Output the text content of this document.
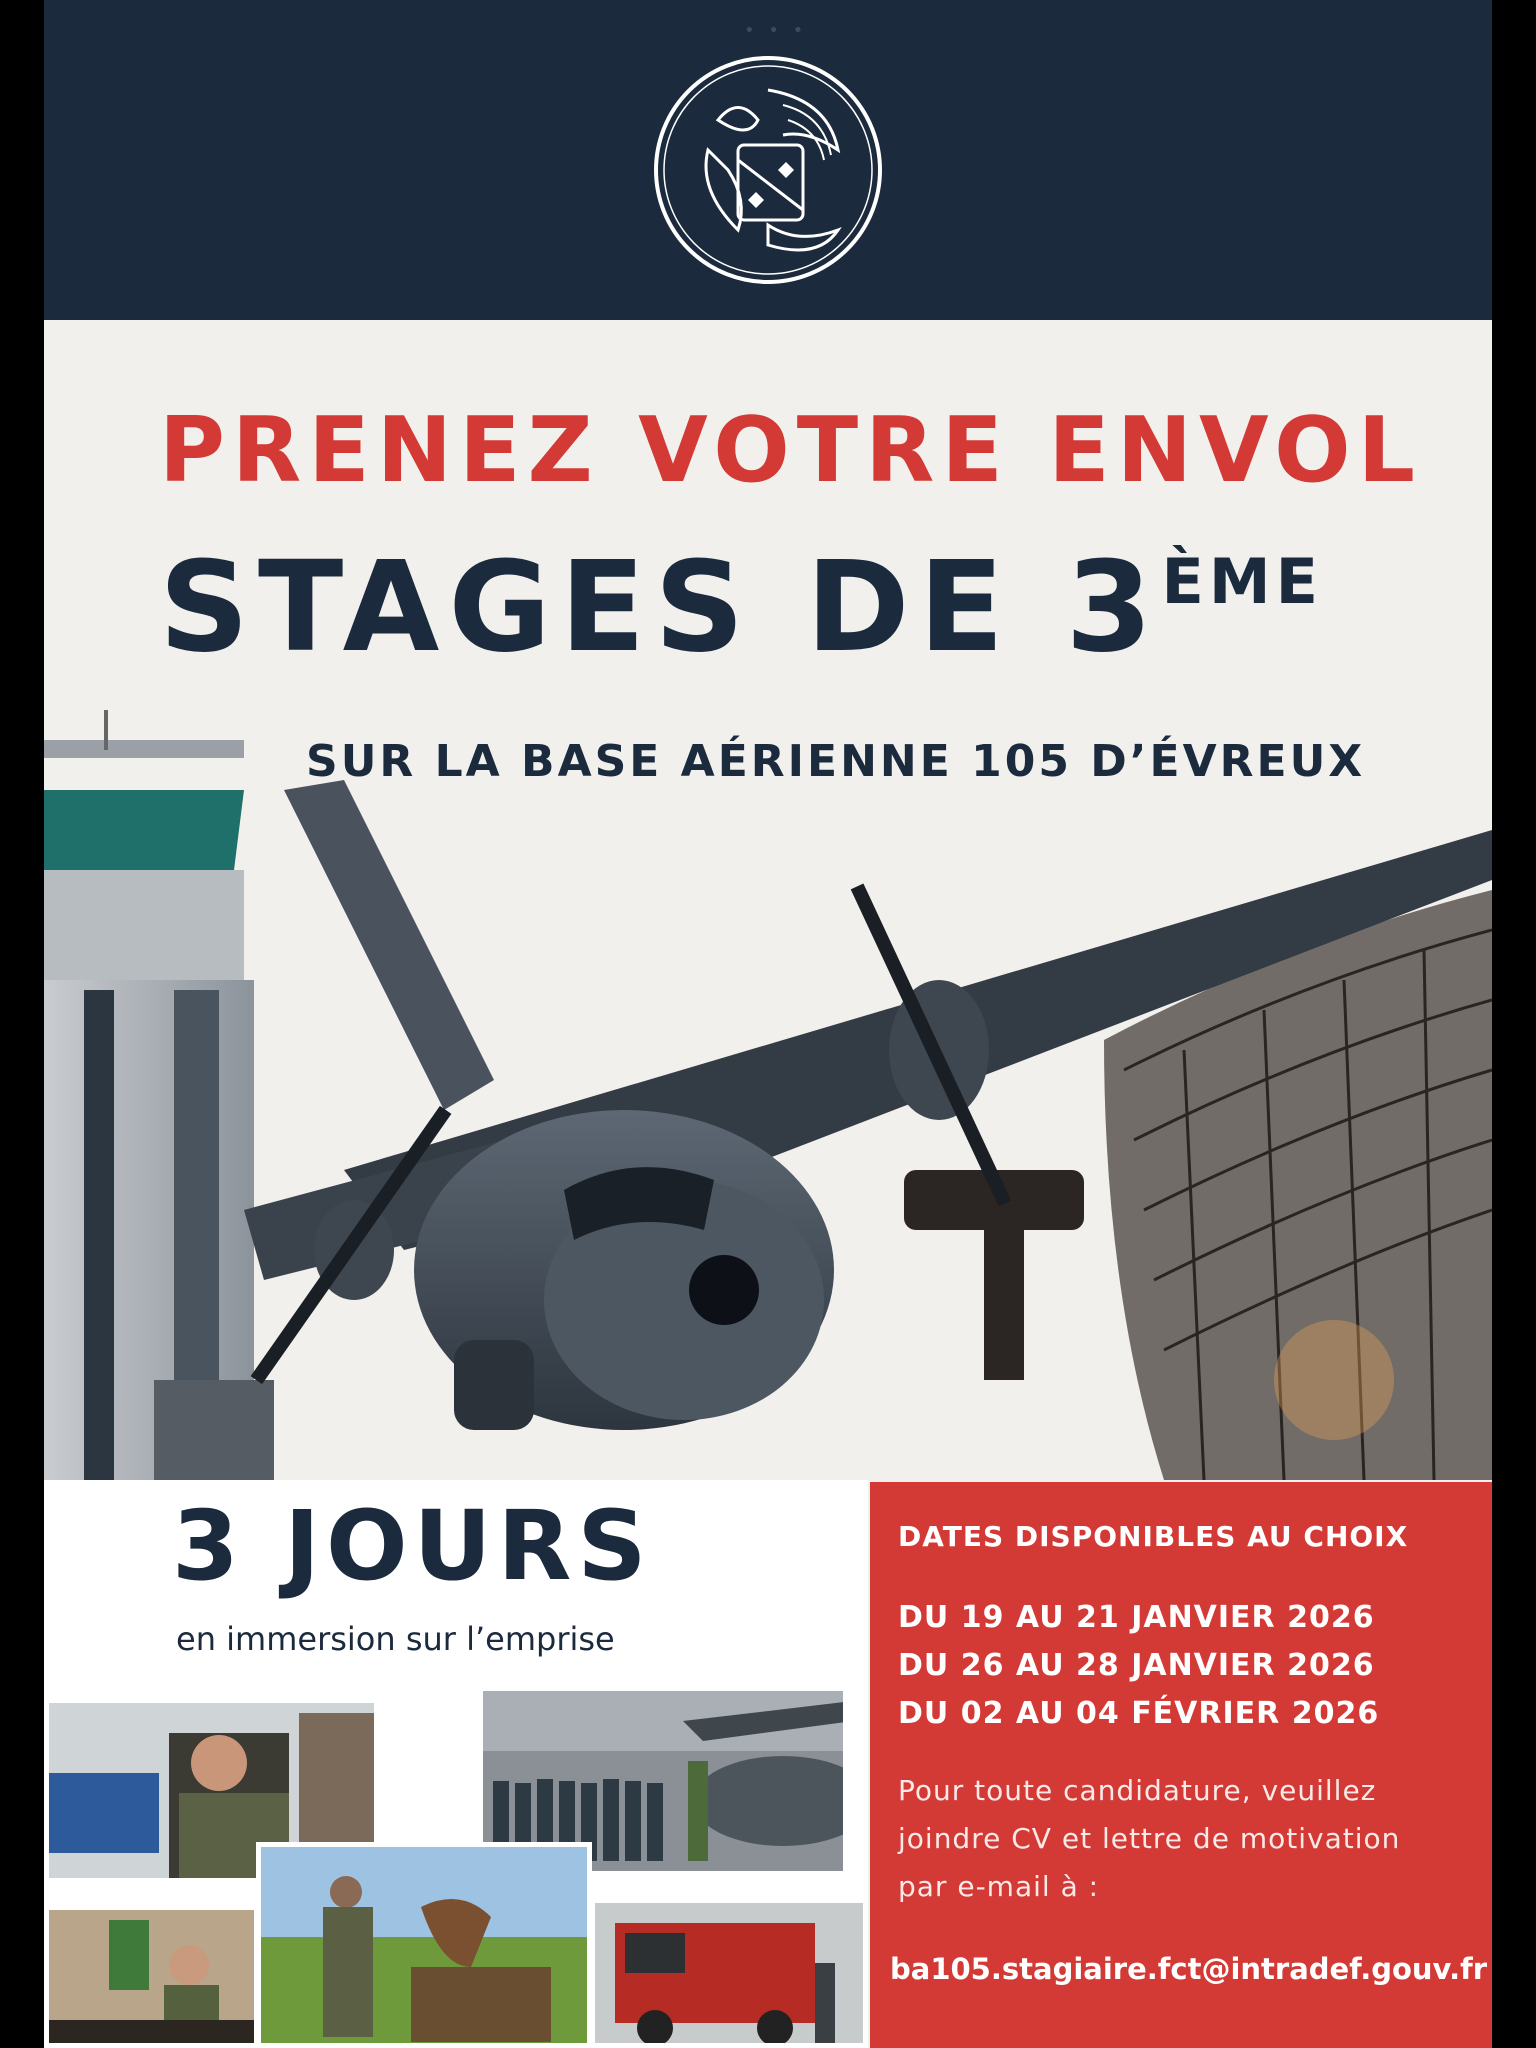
• • •
PRENEZ VOTRE ENVOL
STAGES DE 3ÈME
SUR LA BASE AÉRIENNE 105 D’ÉVREUX
3 JOURS
en immersion sur l’emprise
DATES DISPONIBLES AU CHOIX
DU 19 AU 21 JANVIER 2026
DU 26 AU 28 JANVIER 2026
DU 02 AU 04 FÉVRIER 2026
Pour toute candidature, veuillez
joindre CV et lettre de motivation
par e-mail à :
ba105.stagiaire.fct@intradef.gouv.fr
